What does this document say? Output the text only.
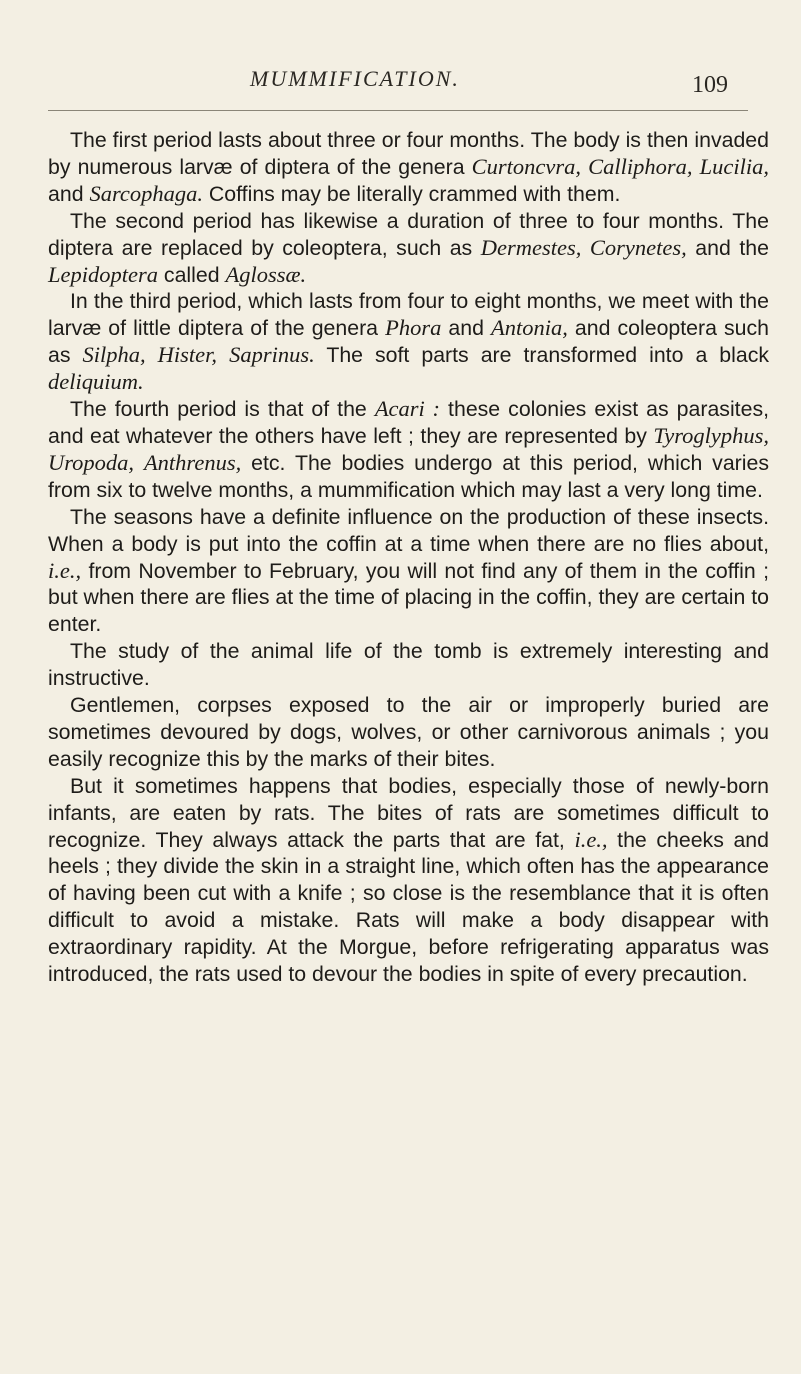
MUMMIFICATION.	109

The first period lasts about three or four months. The body is then invaded by numerous larvæ of diptera of the genera Curtoncvra, Calliphora, Lucilia, and Sarcophaga. Coffins may be literally crammed with them.

The second period has likewise a duration of three to four months. The diptera are replaced by coleoptera, such as Dermestes, Corynetes, and the Lepidoptera called Aglossæ.

In the third period, which lasts from four to eight months, we meet with the larvæ of little diptera of the genera Phora and Antonia, and coleoptera such as Silpha, Hister, Saprinus. The soft parts are transformed into a black deliquium.

The fourth period is that of the Acari : these colonies exist as parasites, and eat whatever the others have left ; they are represented by Tyroglyphus, Uropoda, Anthrenus, etc. The bodies undergo at this period, which varies from six to twelve months, a mummification which may last a very long time.

The seasons have a definite influence on the production of these insects. When a body is put into the coffin at a time when there are no flies about, i.e., from November to February, you will not find any of them in the coffin ; but when there are flies at the time of placing in the coffin, they are certain to enter.

The study of the animal life of the tomb is extremely interesting and instructive.

Gentlemen, corpses exposed to the air or improperly buried are sometimes devoured by dogs, wolves, or other carnivorous animals ; you easily recognize this by the marks of their bites.

But it sometimes happens that bodies, especially those of newly-born infants, are eaten by rats. The bites of rats are sometimes difficult to recognize. They always attack the parts that are fat, i.e., the cheeks and heels ; they divide the skin in a straight line, which often has the appearance of having been cut with a knife ; so close is the resemblance that it is often difficult to avoid a mistake. Rats will make a body disappear with extraordinary rapidity. At the Morgue, before refrigerating apparatus was introduced, the rats used to devour the bodies in spite of every precaution.
